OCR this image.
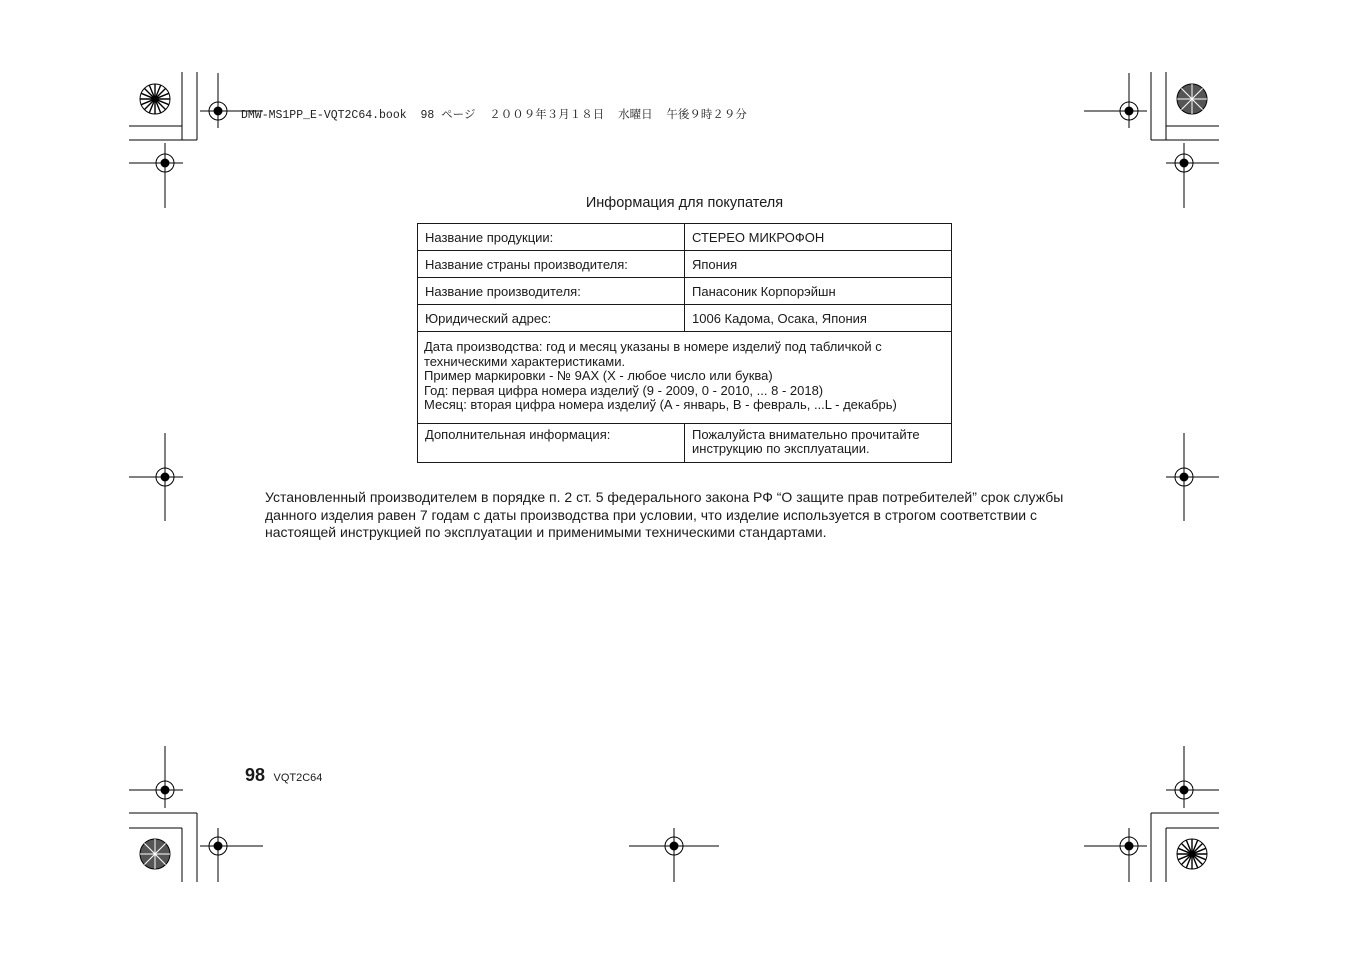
DMW-MS1PP_E-VQT2C64.book 98 ページ ２００９年３月１８日 水曜日 午後９時２９分
Информация для покупателя
Название продукции:	СТЕРЕО МИКРОФОН
Название страны производителя:	Япония
Название производителя:	Панасоник Корпорэйшн
Юридический адрес:	1006 Кадома, Осака, Япония

Дата производства: год и месяц указаны в номере изделиў под табличкой с
техническими характеристиками.
Пример маркировки - № 9AX (X - любое число или буква)
Год: первая цифра номера изделиў (9 - 2009, 0 - 2010, ... 8 - 2018)
Месяц: вторая цифра номера изделиў (A - январь, B - февраль, ...L - декабрь)	

Дополнительная информация:	Пожалуйста внимательно прочитайте
инструкцию по эксплуатации.
Установленный производителем в порядке п. 2 ст. 5 федерального закона РФ “О защите прав потребителей” срок службы
данного изделия равен 7 годам с даты производства при условии, что изделие используется в строгом соответствии с
настоящей инструкцией по эксплуатации и применимыми техническими стандартами.
98 VQT2C64
